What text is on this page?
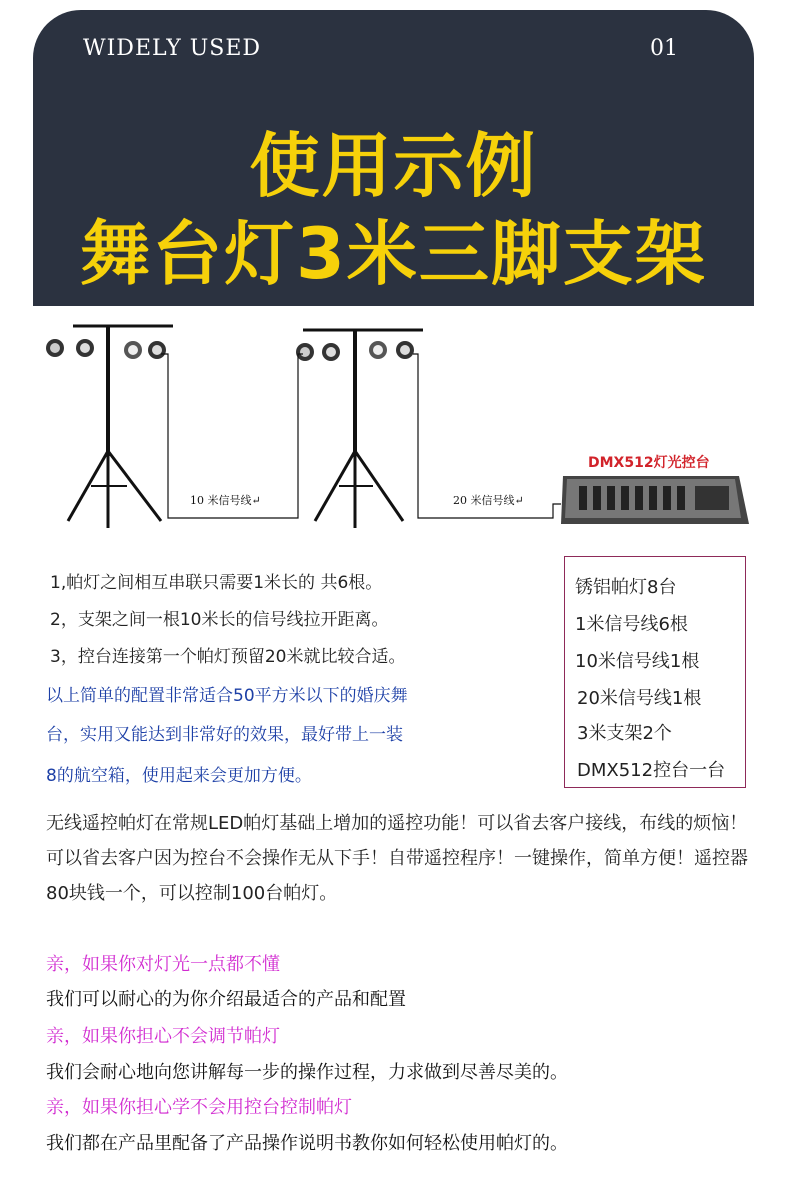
WIDELY USED	01
使用示例
舞台灯3米三脚支架
DMX512灯光控台
10 米信号线↵	20 米信号线↵
1,帕灯之间相互串联只需要1米长的 共6根。
2，支架之间一根10米长的信号线拉开距离。
3，控台连接第一个帕灯预留20米就比较合适。
以上简单的配置非常适合50平方米以下的婚庆舞
台，实用又能达到非常好的效果，最好带上一装
8的航空箱，使用起来会更加方便。
锈铝帕灯8台
1米信号线6根
10米信号线1根
20米信号线1根
3米支架2个
DMX512控台一台
无线遥控帕灯在常规LED帕灯基础上增加的遥控功能！可以省去客户接线，布线的烦恼！可以省去客户因为控台不会操作无从下手！自带遥控程序！一键操作，简单方便！遥控器80块钱一个，可以控制100台帕灯。
亲，如果你对灯光一点都不懂
我们可以耐心的为你介绍最适合的产品和配置
亲，如果你担心不会调节帕灯
我们会耐心地向您讲解每一步的操作过程，力求做到尽善尽美的。
亲，如果你担心学不会用控台控制帕灯
我们都在产品里配备了产品操作说明书教你如何轻松使用帕灯的。
